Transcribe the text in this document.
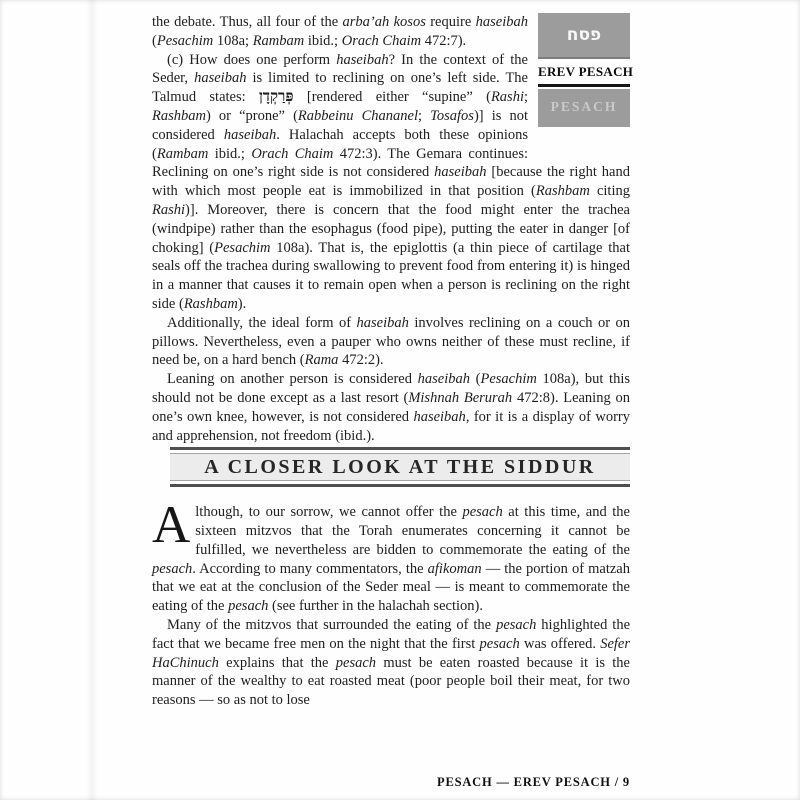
פסח
EREV PESACH
PESACH

the debate. Thus, all four of the arba’ah kosos require haseibah (Pesachim 108a; Rambam ibid.; Orach Chaim 472:7).

(c) How does one perform haseibah? In the context of the Seder, haseibah is limited to reclining on one’s left side. The Talmud states: פְּרַקְדָן [rendered either “supine” (Rashi; Rashbam) or “prone” (Rabbeinu Chananel; Tosafos)] is not considered haseibah. Halachah accepts both these opinions (Rambam ibid.; Orach Chaim 472:3). The Gemara continues: Reclining on one’s right side is not considered haseibah [because the right hand with which most people eat is immobilized in that position (Rashbam citing Rashi)]. Moreover, there is concern that the food might enter the trachea (windpipe) rather than the esophagus (food pipe), putting the eater in danger [of choking] (Pesachim 108a). That is, the epiglottis (a thin piece of cartilage that seals off the trachea during swallowing to prevent food from entering it) is hinged in a manner that causes it to remain open when a person is reclining on the right side (Rashbam).

Additionally, the ideal form of haseibah involves reclining on a couch or on pillows. Nevertheless, even a pauper who owns neither of these must recline, if need be, on a hard bench (Rama 472:2).

Leaning on another person is considered haseibah (Pesachim 108a), but this should not be done except as a last resort (Mishnah Berurah 472:8). Leaning on one’s own knee, however, is not considered haseibah, for it is a display of worry and apprehension, not freedom (ibid.).

A CLOSER LOOK AT THE SIDDUR

Although, to our sorrow, we cannot offer the pesach at this time, and the sixteen mitzvos that the Torah enumerates concerning it cannot be fulfilled, we nevertheless are bidden to commemorate the eating of the pesach. According to many commentators, the afikoman — the portion of matzah that we eat at the conclusion of the Seder meal — is meant to commemorate the eating of the pesach (see further in the halachah section).

Many of the mitzvos that surrounded the eating of the pesach highlighted the fact that we became free men on the night that the first pesach was offered. Sefer HaChinuch explains that the pesach must be eaten roasted because it is the manner of the wealthy to eat roasted meat (poor people boil their meat, for two reasons — so as not to lose

PESACH — EREV PESACH / 9
